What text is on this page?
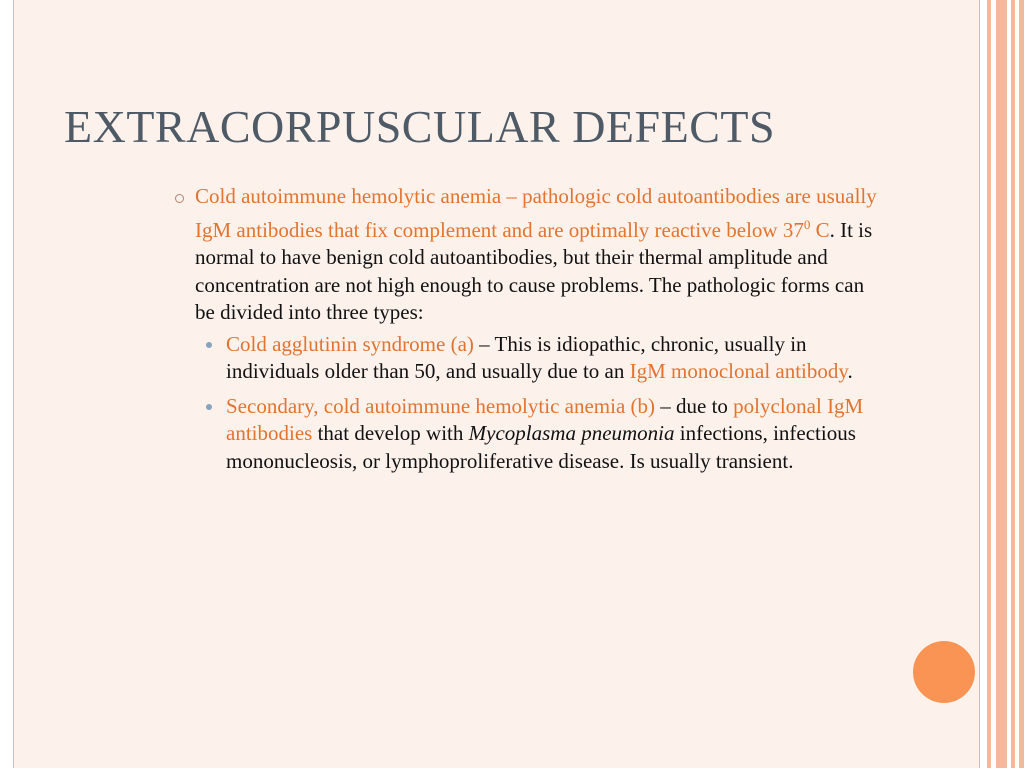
EXTRACORPUSCULAR DEFECTS
Cold autoimmune hemolytic anemia – pathologic cold autoantibodies are usually IgM antibodies that fix complement and are optimally reactive below $37^0$ C. It is normal to have benign cold autoantibodies, but their thermal amplitude and concentration are not high enough to cause problems. The pathologic forms can be divided into three types:
Cold agglutinin syndrome (a) – This is idiopathic, chronic, usually in individuals older than 50, and usually due to an IgM monoclonal antibody.
Secondary, cold autoimmune hemolytic anemia (b) – due to polyclonal IgM antibodies that develop with Mycoplasma pneumonia infections, infectious mononucleosis, or lymphoproliferative disease. Is usually transient.
